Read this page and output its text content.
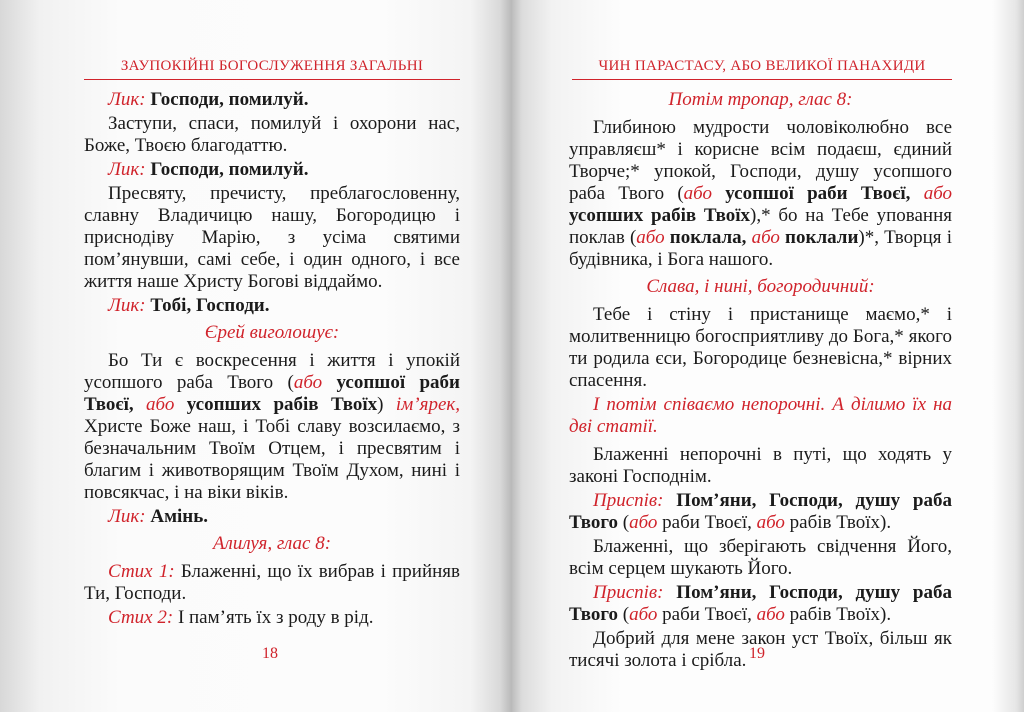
ЗАУПОКІЙНІ БОГОСЛУЖЕННЯ ЗАГАЛЬНІ

Лик: Господи, помилуй.

Заступи, спаси, помилуй і охорони нас, Боже, Твоєю благодаттю.

Лик: Господи, помилуй.

Пресвяту, пречисту, преблагословенну, славну Владичицю нашу, Богородицю і приснодіву Марію, з усіма святими пом’янувши, самі себе, і один одного, і все життя наше Христу Богові віддаймо.

Лик: Тобі, Господи.

Єрей виголошує:

Бо Ти є воскресення і життя і упокій усопшого раба Твого (або усопшої раби Твоєї, або усопших рабів Твоїх) ім’ярек, Христе Боже наш, і Тобі славу возсилаємо, з безначальним Твоїм Отцем, і пресвятим і благим і животворящим Твоїм Духом, нині і повсякчас, і на віки віків.

Лик: Амінь.

Алилуя, глас 8:

Стих 1: Блаженні, що їх вибрав і прийняв Ти, Господи.

Стих 2: І пам’ять їх з роду в рід.

18
ЧИН ПАРАСТАСУ, АБО ВЕЛИКОЇ ПАНАХИДИ

Потім тропар, глас 8:

Глибиною мудрости чоловіколюбно все управляєш* і корисне всім подаєш, єдиний Творче;* упокой, Господи, душу усопшого раба Твого (або усопшої раби Твоєї, або усопших рабів Твоїх),* бо на Тебе уповання поклав (або поклала, або поклали)*, Творця і будівника, і Бога нашого.

Слава, і нині, богородичний:

Тебе і стіну і пристанище маємо,* і молитвенницю богосприятливу до Бога,* якого ти родила єси, Богородице безневісна,* вірних спасення.

І потім співаємо непорочні. А ділимо їх на дві статії.

Блаженні непорочні в путі, що ходять у законі Господнім.

Приспів: Пом’яни, Господи, душу раба Твого (або раби Твоєї, або рабів Твоїх).

Блаженні, що зберігають свідчення Його, всім серцем шукають Його.

Приспів: Пом’яни, Господи, душу раба Твого (або раби Твоєї, або рабів Твоїх).

Добрий для мене закон уст Твоїх, більш як тисячі золота і срібла. 19
